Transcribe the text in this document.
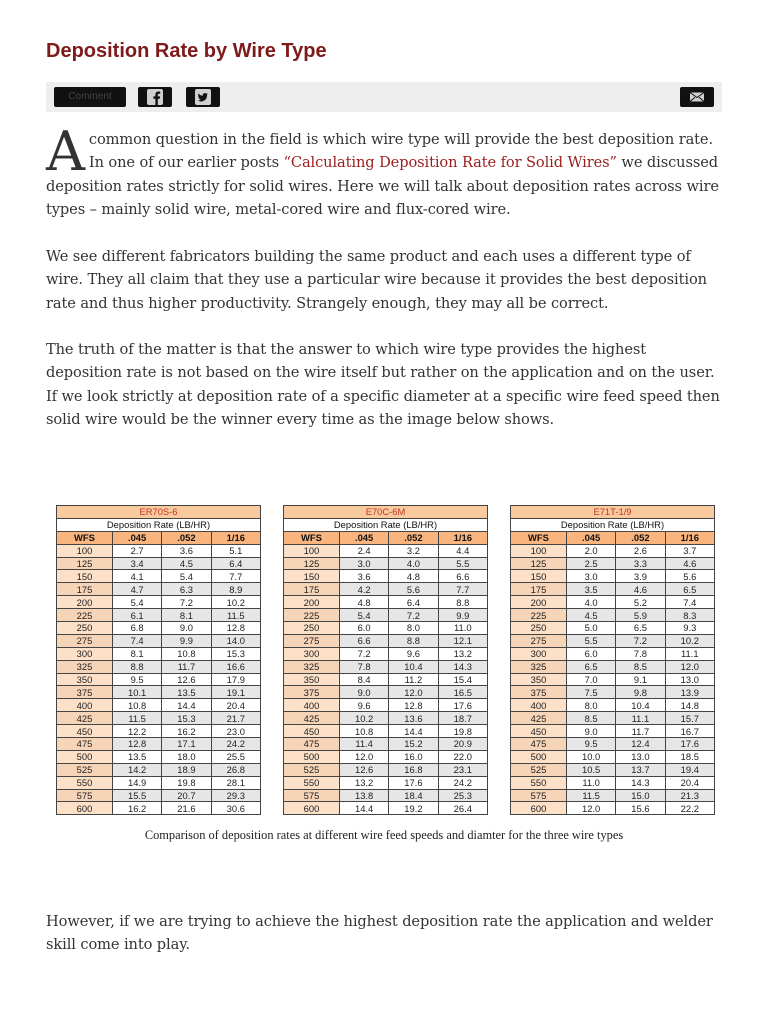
Deposition Rate by Wire Type
Comment

Acommon question in the field is which wire type will provide the best deposition rate. In one of our earlier posts “Calculating Deposition Rate for Solid Wires” we discussed deposition rates strictly for solid wires. Here we will talk about deposition rates across wire types – mainly solid wire, metal-cored wire and flux-cored wire.

We see different fabricators building the same product and each uses a different type of wire. They all claim that they use a particular wire because it provides the best deposition rate and thus higher productivity. Strangely enough, they may all be correct.

The truth of the matter is that the answer to which wire type provides the highest deposition rate is not based on the wire itself but rather on the application and on the user. If we look strictly at deposition rate of a specific diameter at a specific wire feed speed then solid wire would be the winner every time as the image below shows.

ER70S-6			
Deposition Rate (LB/HR)			
WFS	.045	.052	1/16
100	2.7	3.6	5.1
125	3.4	4.5	6.4
150	4.1	5.4	7.7
175	4.7	6.3	8.9
200	5.4	7.2	10.2
225	6.1	8.1	11.5
250	6.8	9.0	12.8
275	7.4	9.9	14.0
300	8.1	10.8	15.3
325	8.8	11.7	16.6
350	9.5	12.6	17.9
375	10.1	13.5	19.1
400	10.8	14.4	20.4
425	11.5	15.3	21.7
450	12.2	16.2	23.0
475	12.8	17.1	24.2
500	13.5	18.0	25.5
525	14.2	18.9	26.8
550	14.9	19.8	28.1
575	15.5	20.7	29.3
600	16.2	21.6	30.6
E70C-6M			
Deposition Rate (LB/HR)			
WFS	.045	.052	1/16
100	2.4	3.2	4.4
125	3.0	4.0	5.5
150	3.6	4.8	6.6
175	4.2	5.6	7.7
200	4.8	6.4	8.8
225	5.4	7.2	9.9
250	6.0	8.0	11.0
275	6.6	8.8	12.1
300	7.2	9.6	13.2
325	7.8	10.4	14.3
350	8.4	11.2	15.4
375	9.0	12.0	16.5
400	9.6	12.8	17.6
425	10.2	13.6	18.7
450	10.8	14.4	19.8
475	11.4	15.2	20.9
500	12.0	16.0	22.0
525	12.6	16.8	23.1
550	13.2	17.6	24.2
575	13.8	18.4	25.3
600	14.4	19.2	26.4
E71T-1/9			
Deposition Rate (LB/HR)			
WFS	.045	.052	1/16
100	2.0	2.6	3.7
125	2.5	3.3	4.6
150	3.0	3.9	5.6
175	3.5	4.6	6.5
200	4.0	5.2	7.4
225	4.5	5.9	8.3
250	5.0	6.5	9.3
275	5.5	7.2	10.2
300	6.0	7.8	11.1
325	6.5	8.5	12.0
350	7.0	9.1	13.0
375	7.5	9.8	13.9
400	8.0	10.4	14.8
425	8.5	11.1	15.7
450	9.0	11.7	16.7
475	9.5	12.4	17.6
500	10.0	13.0	18.5
525	10.5	13.7	19.4
550	11.0	14.3	20.4
575	11.5	15.0	21.3
600	12.0	15.6	22.2

Comparison of deposition rates at different wire feed speeds and diamter for the three wire types

However, if we are trying to achieve the highest deposition rate the application and welder skill come into play.
